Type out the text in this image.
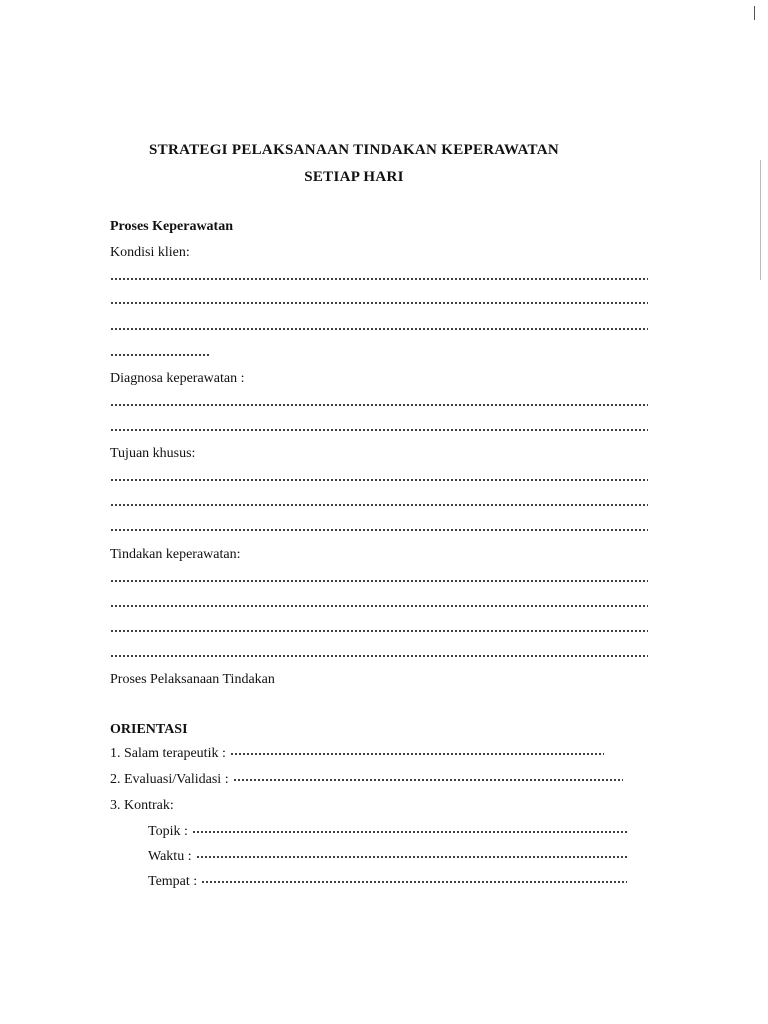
STRATEGI PELAKSANAAN TINDAKAN KEPERAWATAN
SETIAP HARI
Proses Keperawatan
Kondisi klien:
Diagnosa keperawatan :
Tujuan khusus:
Tindakan keperawatan:
Proses Pelaksanaan Tindakan
ORIENTASI
1. Salam terapeutik :
2. Evaluasi/Validasi :
3. Kontrak:
Topik :
Waktu :
Tempat :
